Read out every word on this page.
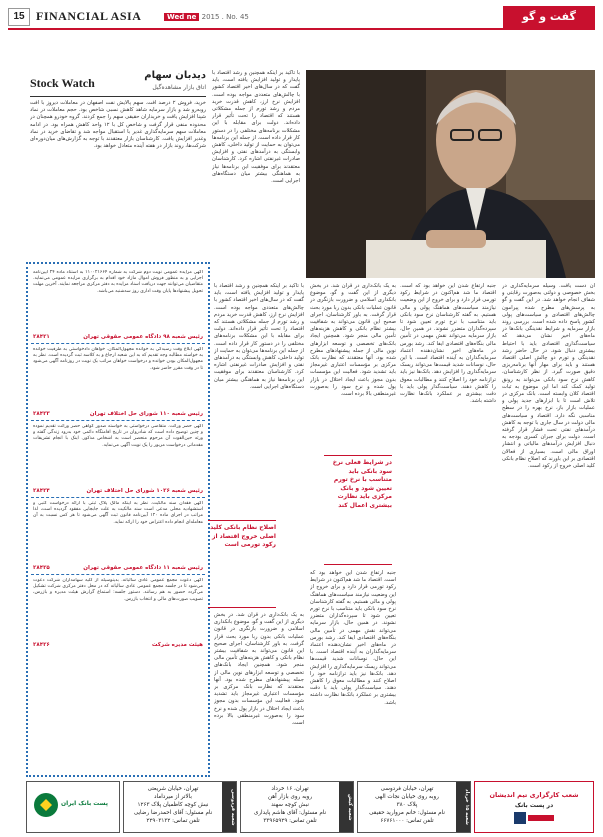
15 FINANCIAL ASIA	Wed ne 2015 . No. 45	گفت و گو

با تأکید بر اینکه همچنین و رشد اقتصاد با پایدار و تولید افزایش یافته است، باید گفت که در سال‌های اخیر اقتصاد کشور با چالش‌های متعددی مواجه بوده است. افزایش نرخ ارز، کاهش قدرت خرید مردم و رشد تورم از جمله مشکلاتی هستند که اقتصاد را تحت تأثیر قرار داده‌اند. دولت برای مقابله با این مشکلات برنامه‌های مختلفی را در دستور کار قرار داده است. از جمله این برنامه‌ها می‌توان به حمایت از تولید داخلی، کاهش وابستگی به درآمدهای نفتی و افزایش صادرات غیرنفتی اشاره کرد. کارشناسان معتقدند برای موفقیت این برنامه‌ها نیاز به هماهنگی بیشتر میان دستگاه‌های اجرایی است.

Stock Watch
دیدبان سهام
اتاق بازار مشاهده‌گیل

خرید، فروش ۲ درصد افت. سهم پالایش نفت اصفهان در معاملات دیروز با افت روبه‌رو شد و بازار سرمایه شاهد کاهش نسبی شاخص بود. حجم معاملات در نماد شپنا افزایش یافت و خریداران حقیقی سهم را جمع کردند. گروه خودرو همچنان در محدوده منفی قرار گرفت و شاخص کل با ۱۲ واحد کاهش همراه بود. در ادامه معاملات سهم سرمایه‌گذاری غدیر با استقبال مواجه شد و تقاضای خرید در نماد وغدیر افزایش یافت. کارشناسان بازار معتقدند با توجه به گزارش‌های میان‌دوره‌ای شرکت‌ها، روند بازار در هفته آینده متعادل خواهد بود.

آگهی مزایده عمومی نوبت دوم شرکت به شماره ۱۱۰۰۲۱۶۶۴ به استناد ماده ۲۴ آیین‌نامه اجرایی و به منظور فروش اموال مازاد خود اقدام به برگزاری مزایده عمومی می‌نماید. متقاضیان می‌توانند جهت دریافت اسناد مزایده به دفتر مرکزی مراجعه نمایند. آخرین مهلت تحویل پیشنهادها پایان وقت اداری روز سه‌شنبه می‌باشد.
رئیس شعبه ۹۸ دادگاه عمومی حقوقی تهران
۲۸۴۲۱
آگهی ابلاغ وقت رسیدگی به خوانده مجهول‌المکان. خواهان دادخواستی به طرفیت خوانده به خواسته مطالبه وجه تقدیم که به این شعبه ارجاع و به کلاسه ثبت گردیده است. نظر به مجهول‌المکان بودن خوانده و درخواست خواهان مراتب یک نوبت در روزنامه آگهی می‌شود تا در وقت مقرر حاضر شود.
رئیس شعبه ۱۱۰ شورای حل اختلاف تهران
۲۸۴۲۳
آگهی حصر وراثت. متقاضی درخواستی به خواسته صدور گواهی حصر وراثت تقدیم نموده و چنین توضیح داده است که شادروان در تاریخ اقامتگاه دائمی خود بدرود زندگی گفته و ورثه حین‌الفوت آن مرحوم منحصر است به اشخاص مذکور. اینک با انجام تشریفات مقدماتی درخواست مزبور را یک نوبت آگهی می‌نماید.
رئیس شعبه ۱۰۲۶ شورای حل اختلاف تهران
۲۸۴۲۴
آگهی فقدان سند مالکیت. نظر به اینکه مالک پلاک ثبتی با ارائه درخواست کتبی و استشهادیه محلی مدعی است سند مالکیت به علت جابجایی مفقود گردیده است، لذا مراتب در اجرای ماده ۱۲۰ آیین‌نامه قانون ثبت آگهی می‌شود تا هر کس نسبت به آن معامله‌ای انجام داده اعتراض خود را ارائه نماید.
رئیس شعبه ۱۱ دادگاه عمومی حقوقی تهران
۲۸۴۲۵
آگهی دعوت مجمع عمومی عادی سالیانه. بدینوسیله از کلیه سهامداران شرکت دعوت می‌شود تا در جلسه مجمع عمومی عادی سالیانه که در محل دفتر مرکزی شرکت تشکیل می‌گردد حضور به هم رسانند. دستور جلسه: استماع گزارش هیئت مدیره و بازرس، تصویب صورت‌های مالی و انتخاب بازرس.
هیئت مدیره شرکت
۲۸۴۲۶

آن دست یافت. وسیله سرمایه‌گذاری در بخش خصوصی و دولتی به‌صورت رقابتی و شفاف انجام خواهد شد. در این گفت و گو به پرسش‌های مطرح شده پیرامون چالش‌های اقتصادی و سیاست‌های پولی کشور پاسخ داده شده است. بررسی روند بازار سرمایه و شرایط نقدینگی بانک‌ها در ماه‌های اخیر نشان می‌دهد که سیاست‌گذاری اقتصادی باید با احتیاط بیشتری دنبال شود. در حال حاضر رشد نقدینگی و تورم دو چالش اصلی اقتصاد هستند و باید برای مهار آنها برنامه‌ریزی دقیق صورت گیرد. از نظر کارشناسان، کاهش نرخ سود بانکی می‌تواند به رونق تولید کمک کند اما این موضوع به ثبات اقتصاد کلان وابسته است. بانک مرکزی در تلاش است تا با ابزارهای جدید پولی و عملیات بازار باز، نرخ بهره را در سطح مناسبی نگه دارد. اقتصاد و سیاست‌های مالی دولت در سال جاری با توجه به کاهش درآمدهای نفتی تحت فشار قرار گرفته است. دولت برای جبران کسری بودجه به دنبال افزایش درآمدهای مالیاتی و انتشار اوراق مالی است. بسیاری از فعالان اقتصادی بر این باورند که اصلاح نظام بانکی کلید اصلی خروج از رکود است.

جنبه ارتفاع شدن این خواهد بود که است. اقتصاد ما شد هم‌اکنون در شرایط رکود تورمی قرار دارد و برای خروج از این وضعیت نیازمند سیاست‌های هماهنگ پولی و مالی هستیم. به گفته کارشناسان نرخ سود بانکی باید متناسب با نرخ تورم تعیین شود تا سپرده‌گذاران متضرر نشوند. در همین حال، بازار سرمایه می‌تواند نقش مهمی در تأمین مالی بنگاه‌های اقتصادی ایفا کند. رشد بورس در ماه‌های اخیر نشان‌دهنده اعتماد سرمایه‌گذاران به آینده اقتصاد است. با این حال، نوسانات شدید قیمت‌ها می‌تواند ریسک سرمایه‌گذاری را افزایش دهد. بانک‌ها نیز باید ترازنامه خود را اصلاح کنند و مطالبات معوق را کاهش دهند. سیاست‌گذار پولی باید با دقت بیشتری بر عملکرد بانک‌ها نظارت داشته باشد.

به یک بانک‌داری در قرآن شد. در بخش دیگری از این گفت و گو، موضوع بانکداری اسلامی و ضرورت بازنگری در قانون عملیات بانکی بدون ربا مورد بحث قرار گرفت. به باور کارشناسان، اجرای صحیح این قانون می‌تواند به شفافیت بیشتر نظام بانکی و کاهش هزینه‌های تأمین مالی منجر شود. همچنین ایجاد بانک‌های تخصصی و توسعه ابزارهای نوین مالی از جمله پیشنهادهای مطرح شده بود. آنها معتقدند که نظارت بانک مرکزی بر مؤسسات اعتباری غیرمجاز باید تشدید شود. فعالیت این مؤسسات بدون مجوز باعث ایجاد اختلال در بازار پول شده و نرخ سود را به‌صورت غیرمنطقی بالا برده است.

در شرایط فعلی نرخ سود بانکی باید متناسب با نرخ تورم تعیین شود و بانک مرکزی باید نظارت بیشتری اعمال کند

جنبه ارتفاع شدن این خواهد بود که است. اقتصاد ما شد هم‌اکنون در شرایط رکود تورمی قرار دارد و برای خروج از این وضعیت نیازمند سیاست‌های هماهنگ پولی و مالی هستیم. به گفته کارشناسان نرخ سود بانکی باید متناسب با نرخ تورم تعیین شود تا سپرده‌گذاران متضرر نشوند. در همین حال، بازار سرمایه می‌تواند نقش مهمی در تأمین مالی بنگاه‌های اقتصادی ایفا کند. رشد بورس در ماه‌های اخیر نشان‌دهنده اعتماد سرمایه‌گذاران به آینده اقتصاد است. با این حال، نوسانات شدید قیمت‌ها می‌تواند ریسک سرمایه‌گذاری را افزایش دهد. بانک‌ها نیز باید ترازنامه خود را اصلاح کنند و مطالبات معوق را کاهش دهند. سیاست‌گذار پولی باید با دقت بیشتری بر عملکرد بانک‌ها نظارت داشته باشد.

با تأکید بر اینکه همچنین و رشد اقتصاد با پایدار و تولید افزایش یافته است، باید گفت که در سال‌های اخیر اقتصاد کشور با چالش‌های متعددی مواجه بوده است. افزایش نرخ ارز، کاهش قدرت خرید مردم و رشد تورم از جمله مشکلاتی هستند که اقتصاد را تحت تأثیر قرار داده‌اند. دولت برای مقابله با این مشکلات برنامه‌های مختلفی را در دستور کار قرار داده است. از جمله این برنامه‌ها می‌توان به حمایت از تولید داخلی، کاهش وابستگی به درآمدهای نفتی و افزایش صادرات غیرنفتی اشاره کرد. کارشناسان معتقدند برای موفقیت این برنامه‌ها نیاز به هماهنگی بیشتر میان دستگاه‌های اجرایی است.

اصلاح نظام بانکی کلید اصلی خروج اقتصاد از رکود تورمی است

به یک بانک‌داری در قرآن شد. در بخش دیگری از این گفت و گو، موضوع بانکداری اسلامی و ضرورت بازنگری در قانون عملیات بانکی بدون ربا مورد بحث قرار گرفت. به باور کارشناسان، اجرای صحیح این قانون می‌تواند به شفافیت بیشتر نظام بانکی و کاهش هزینه‌های تأمین مالی منجر شود. همچنین ایجاد بانک‌های تخصصی و توسعه ابزارهای نوین مالی از جمله پیشنهادهای مطرح شده بود. آنها معتقدند که نظارت بانک مرکزی بر مؤسسات اعتباری غیرمجاز باید تشدید شود. فعالیت این مؤسسات بدون مجوز باعث ایجاد اختلال در بازار پول شده و نرخ سود را به‌صورت غیرمنطقی بالا برده است.

پست بانک ایران	شعبه فردوسی
تهران، خیابان شریعتی
بالاتر از میرداماد
نبش کوچه کاظمیان پلاک ۱۲۶۳
نام مسئول: آقای احمدرضا رضایی
تلفن تماس: ۲۲۹۰۳۱۳۲
شعبه کیش
تهران، ۱۶ خرداد
روبه روی بازار آهن
نبش کوچه سهند
نام مسئول: آقای هاشم پایداری
تلفن تماس: ۳۳۹۶۵۹۲۹
شعبه ۱۵ خرداد
تهران، خیابان فردوسی
روبه روی خیابان نجات الهی
پلاک ۳۸۰
نام مسئول: خانم مروارید حقیقی
تلفن تماس: ۶۶۷۶۱۰۰۰
شعب کارگزاری تیم اندیشان
در پست بانک
